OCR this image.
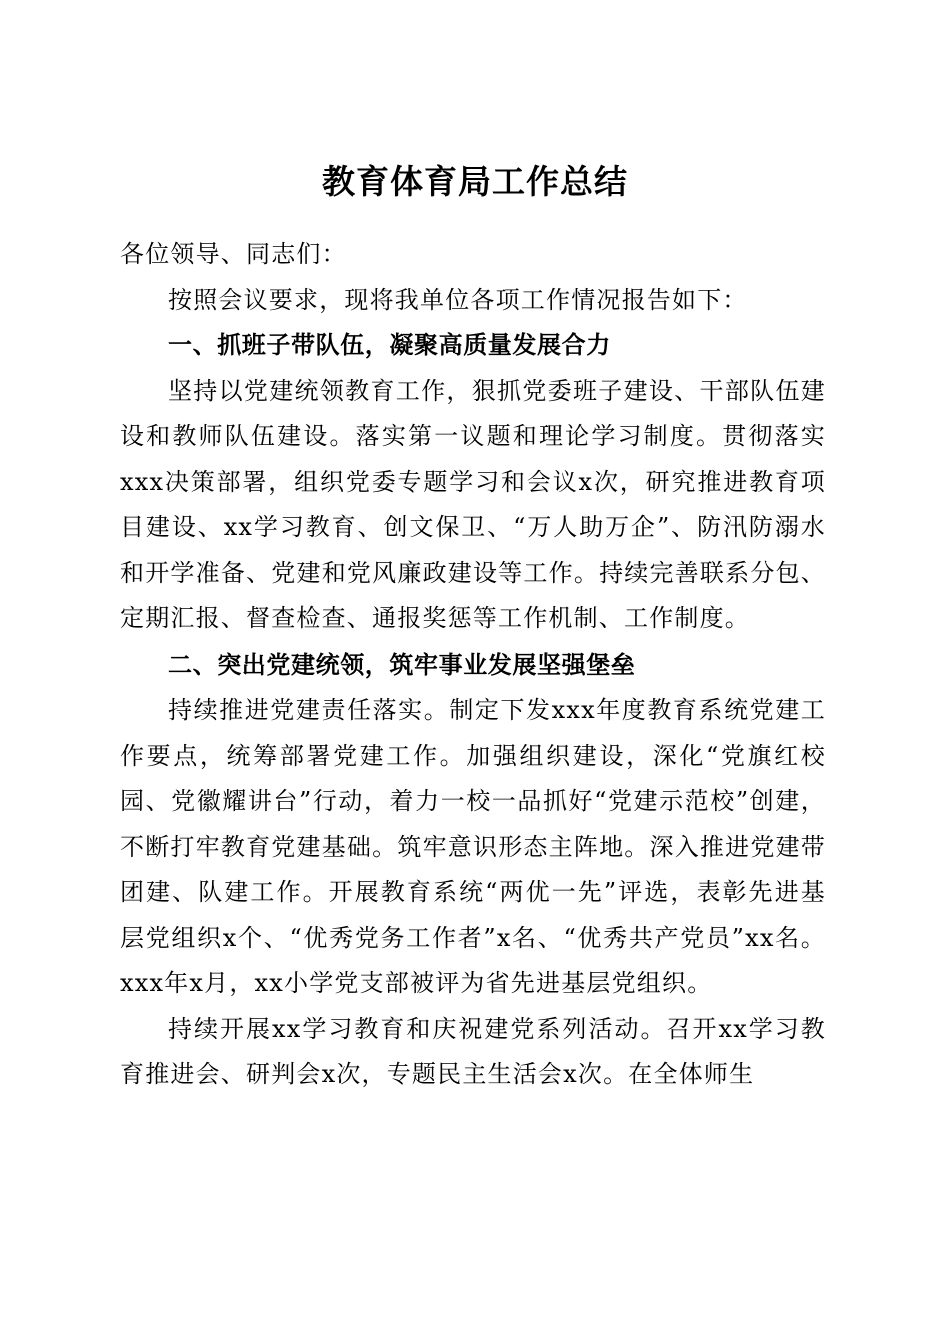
教育体育局工作总结

各位领导、同志们：

按照会议要求，现将我单位各项工作情况报告如下：

一、抓班子带队伍，凝聚高质量发展合力

坚持以党建统领教育工作，狠抓党委班子建设、干部队伍建设和教师队伍建设。落实第一议题和理论学习制度。贯彻落实xxx决策部署，组织党委专题学习和会议x次，研究推进教育项目建设、xx学习教育、创文保卫、“万人助万企”、防汛防溺水和开学准备、党建和党风廉政建设等工作。持续完善联系分包、定期汇报、督查检查、通报奖惩等工作机制、工作制度。

二、突出党建统领，筑牢事业发展坚强堡垒

持续推进党建责任落实。制定下发xxx年度教育系统党建工作要点，统筹部署党建工作。加强组织建设，深化“党旗红校园、党徽耀讲台”行动，着力一校一品抓好“党建示范校”创建，不断打牢教育党建基础。筑牢意识形态主阵地。深入推进党建带团建、队建工作。开展教育系统“两优一先”评选，表彰先进基层党组织x个、“优秀党务工作者”x名、“优秀共产党员”xx名。xxx年x月，xx小学党支部被评为省先进基层党组织。

持续开展xx学习教育和庆祝建党系列活动。召开xx学习教育推进会、研判会x次，专题民主生活会x次。在全体师生
